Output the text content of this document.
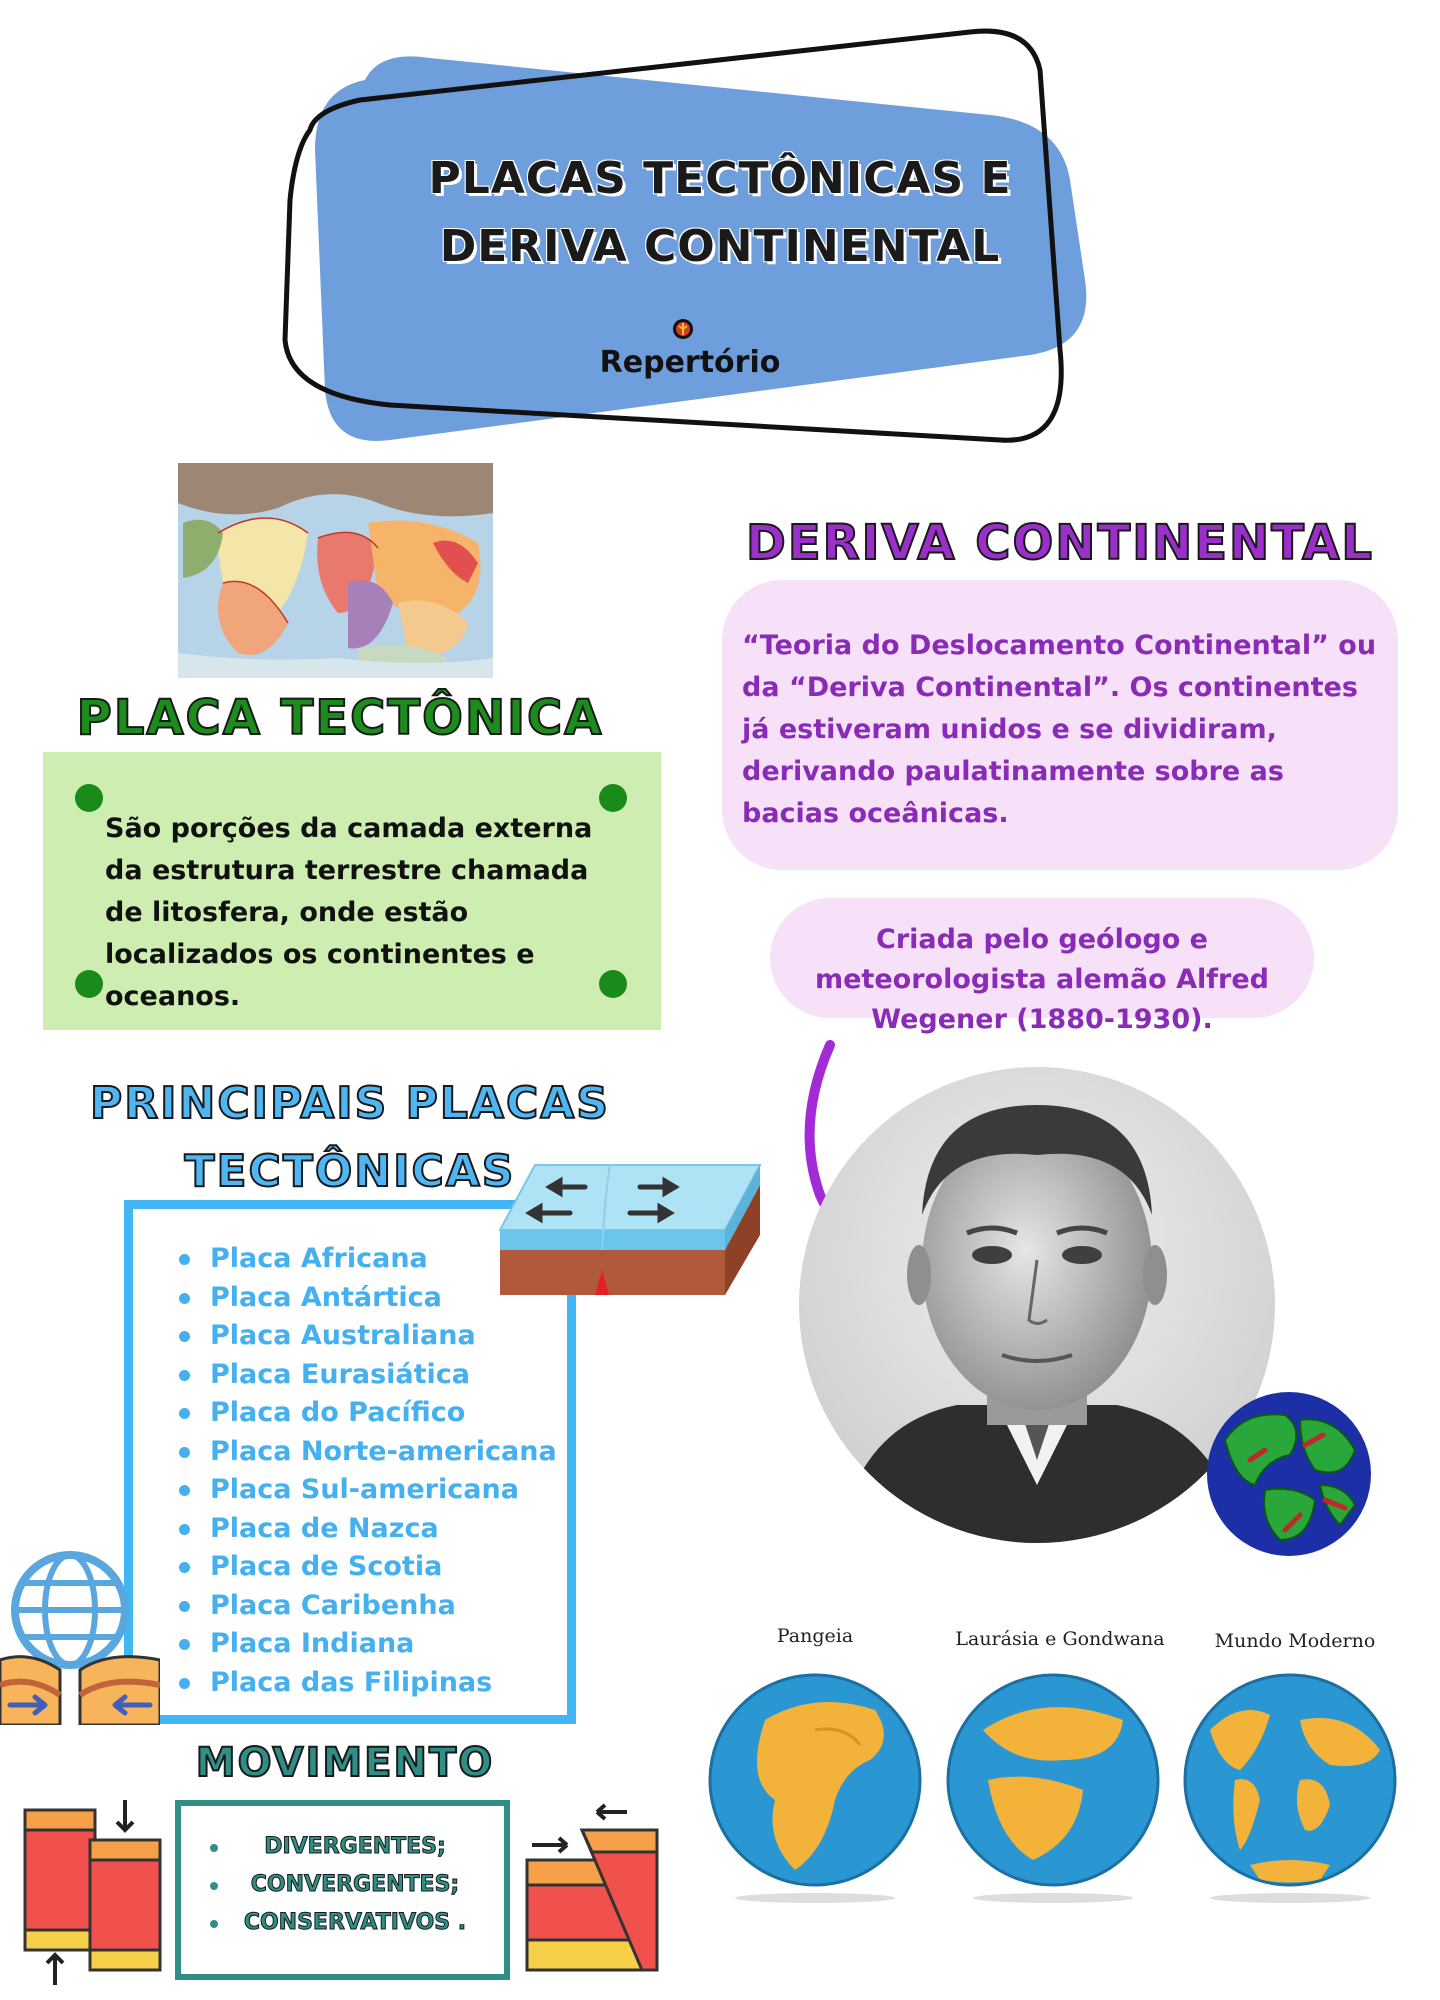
PLACAS TECTÔNICAS E
DERIVA CONTINENTAL
Repertório
PLACA TECTÔNICA
São porções da camada externa da estrutura terrestre chamada de litosfera, onde estão localizados os continentes e oceanos.
DERIVA CONTINENTAL
“Teoria do Deslocamento Continental” ou da “Deriva Continental”. Os continentes já estiveram unidos e se dividiram, derivando paulatinamente sobre as bacias oceânicas.
Criada pelo geólogo e meteorologista alemão Alfred Wegener (1880-1930).
PRINCIPAIS PLACAS
TECTÔNICAS
Placa Africana
Placa Antártica
Placa Australiana
Placa Eurasiática
Placa do Pacífico
Placa Norte-americana
Placa Sul-americana
Placa de Nazca
Placa de Scotia
Placa Caribenha
Placa Indiana
Placa das Filipinas
MOVIMENTO
DIVERGENTES;
CONVERGENTES;
CONSERVATIVOS .
Pangeia	Laurásia e Gondwana	Mundo Moderno
